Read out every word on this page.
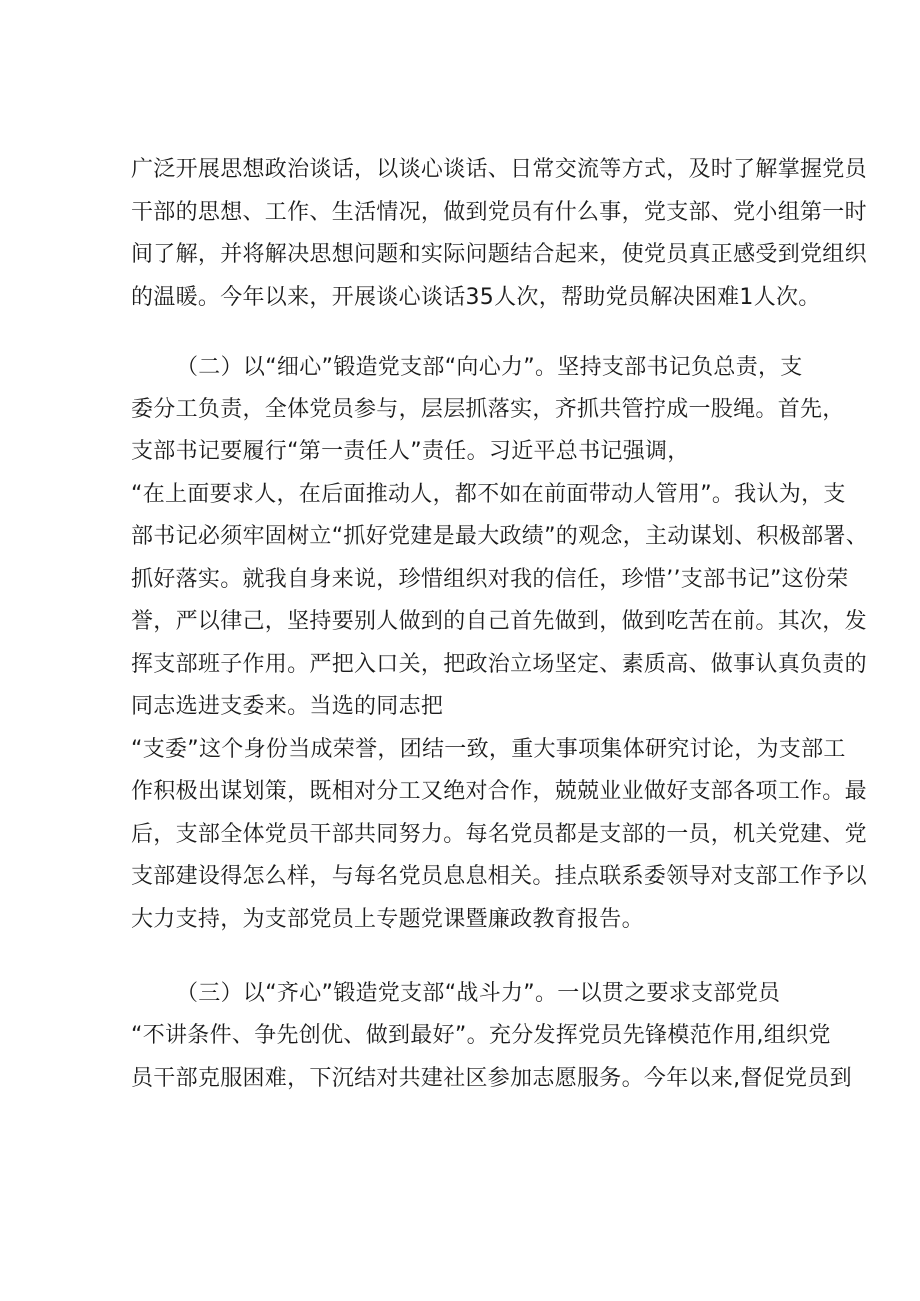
广泛开展思想政治谈话，以谈心谈话、日常交流等方式，及时了解掌握党员
干部的思想、工作、生活情况，做到党员有什么事，党支部、党小组第一时
间了解，并将解决思想问题和实际问题结合起来，使党员真正感受到党组织
的温暖。今年以来，开展谈心谈话35人次，帮助党员解决困难1人次。
（二）以“细心”锻造党支部“向心力”。坚持支部书记负总责，支
委分工负责，全体党员参与，层层抓落实，齐抓共管拧成一股绳。首先，
支部书记要履行“第一责任人”责任。习近平总书记强调，
“在上面要求人，在后面推动人，都不如在前面带动人管用”。我认为，支
部书记必须牢固树立“抓好党建是最大政绩”的观念，主动谋划、积极部署、
抓好落实。就我自身来说，珍惜组织对我的信任，珍惜’’支部书记”这份荣
誉，严以律己，坚持要别人做到的自己首先做到，做到吃苦在前。其次，发
挥支部班子作用。严把入口关，把政治立场坚定、素质高、做事认真负责的
同志选进支委来。当选的同志把
“支委”这个身份当成荣誉，团结一致，重大事项集体研究讨论，为支部工
作积极出谋划策，既相对分工又绝对合作，兢兢业业做好支部各项工作。最
后，支部全体党员干部共同努力。每名党员都是支部的一员，机关党建、党
支部建设得怎么样，与每名党员息息相关。挂点联系委领导对支部工作予以
大力支持，为支部党员上专题党课暨廉政教育报告。
（三）以“齐心”锻造党支部“战斗力”。一以贯之要求支部党员
“不讲条件、争先创优、做到最好”。充分发挥党员先锋模范作用,组织党
员干部克服困难，下沉结对共建社区参加志愿服务。今年以来,督促党员到
